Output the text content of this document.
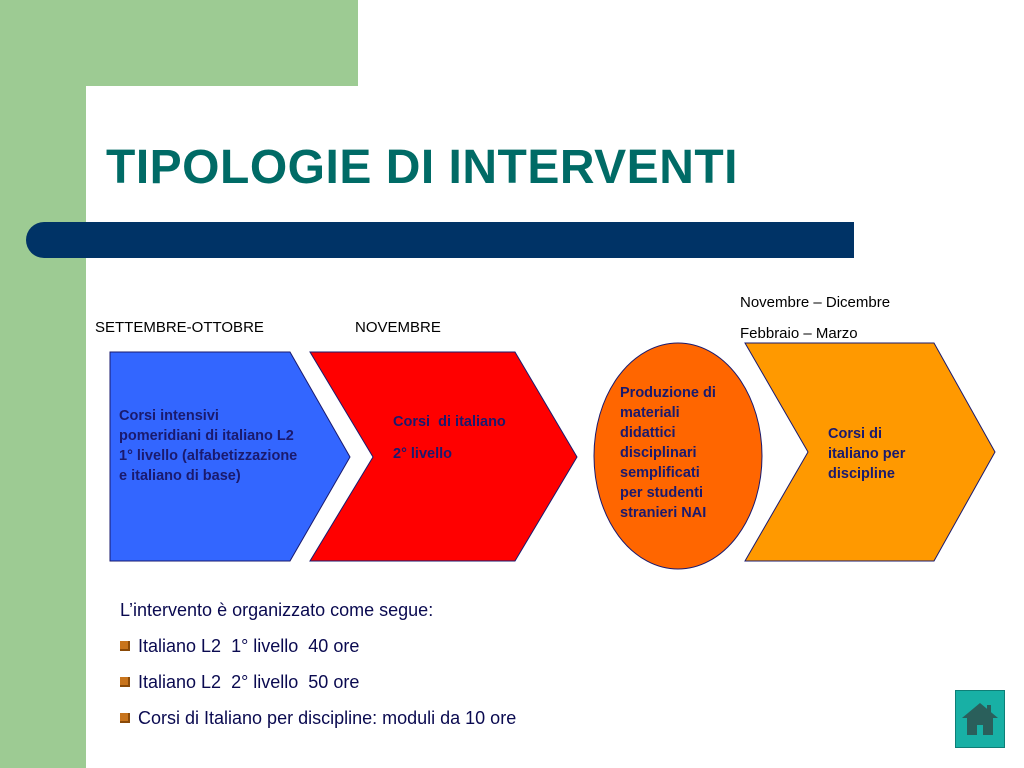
TIPOLOGIE DI INTERVENTI
SETTEMBRE-OTTOBRE	NOVEMBRE
Novembre – Dicembre
Febbraio – Marzo
Corsi intensivi
pomeridiani di italiano L2
1° livello (alfabetizzazione
e italiano di base)
Corsi  di italiano
2° livello
Produzione di
materiali
didattici
disciplinari
semplificati
per studenti
stranieri NAI
Corsi di
italiano per
discipline

L’intervento è organizzato come segue:

Italiano L2  1° livello  40 ore
Italiano L2  2° livello  50 ore
Corsi di Italiano per discipline: moduli da 10 ore
